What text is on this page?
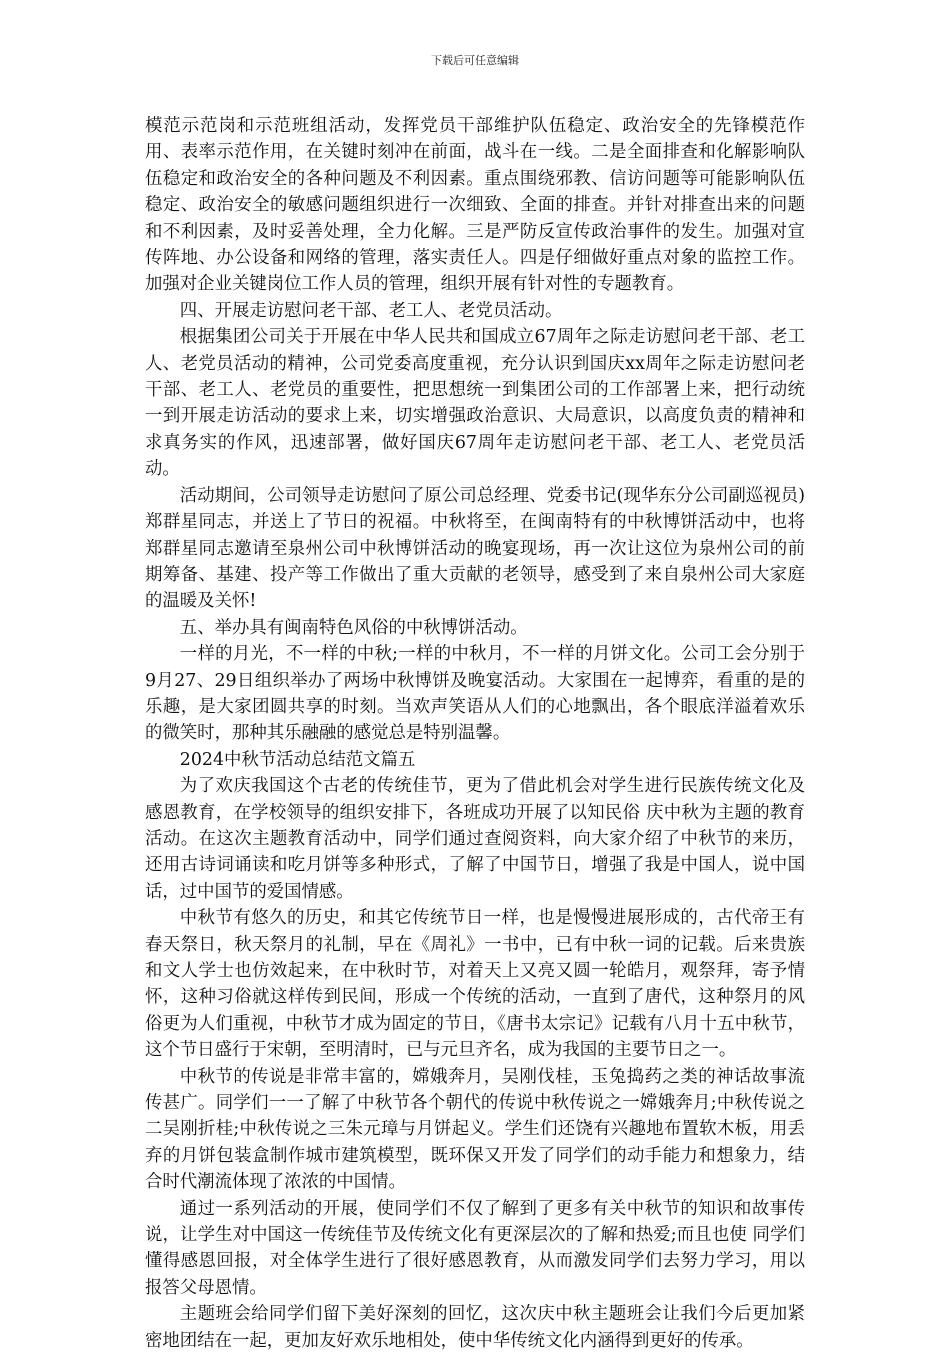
下载后可任意编辑

模范示范岗和示范班组活动，发挥党员干部维护队伍稳定、政治安全的先锋模范作用、表率示范作用，在关键时刻冲在前面，战斗在一线。二是全面排查和化解影响队伍稳定和政治安全的各种问题及不利因素。重点围绕邪教、信访问题等可能影响队伍稳定、政治安全的敏感问题组织进行一次细致、全面的排查。并针对排查出来的问题和不利因素，及时妥善处理，全力化解。三是严防反宣传政治事件的发生。加强对宣传阵地、办公设备和网络的管理，落实责任人。四是仔细做好重点对象的监控工作。加强对企业关键岗位工作人员的管理，组织开展有针对性的专题教育。

四、开展走访慰问老干部、老工人、老党员活动。

根据集团公司关于开展在中华人民共和国成立67周年之际走访慰问老干部、老工人、老党员活动的精神，公司党委高度重视，充分认识到国庆xx周年之际走访慰问老干部、老工人、老党员的重要性，把思想统一到集团公司的工作部署上来，把行动统一到开展走访活动的要求上来，切实增强政治意识、大局意识，以高度负责的精神和求真务实的作风，迅速部署，做好国庆67周年走访慰问老干部、老工人、老党员活动。

活动期间，公司领导走访慰问了原公司总经理、党委书记(现华东分公司副巡视员)郑群星同志，并送上了节日的祝福。中秋将至，在闽南特有的中秋博饼活动中，也将郑群星同志邀请至泉州公司中秋博饼活动的晚宴现场，再一次让这位为泉州公司的前期筹备、基建、投产等工作做出了重大贡献的老领导，感受到了来自泉州公司大家庭的温暖及关怀!

五、举办具有闽南特色风俗的中秋博饼活动。

一样的月光，不一样的中秋;一样的中秋月，不一样的月饼文化。公司工会分别于9月27、29日组织举办了两场中秋博饼及晚宴活动。大家围在一起博弈，看重的是的乐趣，是大家团圆共享的时刻。当欢声笑语从人们的心地飘出，各个眼底洋溢着欢乐的微笑时，那种其乐融融的感觉总是特别温馨。

2024中秋节活动总结范文篇五

为了欢庆我国这个古老的传统佳节，更为了借此机会对学生进行民族传统文化及感恩教育，在学校领导的组织安排下，各班成功开展了以知民俗 庆中秋为主题的教育活动。在这次主题教育活动中，同学们通过查阅资料，向大家介绍了中秋节的来历，还用古诗词诵读和吃月饼等多种形式，了解了中国节日，增强了我是中国人，说中国话，过中国节的爱国情感。

中秋节有悠久的历史，和其它传统节日一样，也是慢慢进展形成的，古代帝王有春天祭日，秋天祭月的礼制，早在《周礼》一书中，已有中秋一词的记载。后来贵族和文人学士也仿效起来，在中秋时节，对着天上又亮又圆一轮皓月，观祭拜，寄予情怀，这种习俗就这样传到民间，形成一个传统的活动，一直到了唐代，这种祭月的风俗更为人们重视，中秋节才成为固定的节日，《唐书太宗记》记载有八月十五中秋节，这个节日盛行于宋朝，至明清时，已与元旦齐名，成为我国的主要节日之一。

中秋节的传说是非常丰富的，嫦娥奔月，吴刚伐桂，玉兔捣药之类的神话故事流传甚广。同学们一一了解了中秋节各个朝代的传说中秋传说之一嫦娥奔月;中秋传说之二吴刚折桂;中秋传说之三朱元璋与月饼起义。学生们还饶有兴趣地布置软木板，用丢弃的月饼包装盒制作城市建筑模型，既环保又开发了同学们的动手能力和想象力，结合时代潮流体现了浓浓的中国情。

通过一系列活动的开展，使同学们不仅了解到了更多有关中秋节的知识和故事传说，让学生对中国这一传统佳节及传统文化有更深层次的了解和热爱;而且也使 同学们懂得感恩回报，对全体学生进行了很好感恩教育，从而激发同学们去努力学习，用以报答父母恩情。

主题班会给同学们留下美好深刻的回忆，这次庆中秋主题班会让我们今后更加紧密地团结在一起，更加友好欢乐地相处，使中华传统文化内涵得到更好的传承。
